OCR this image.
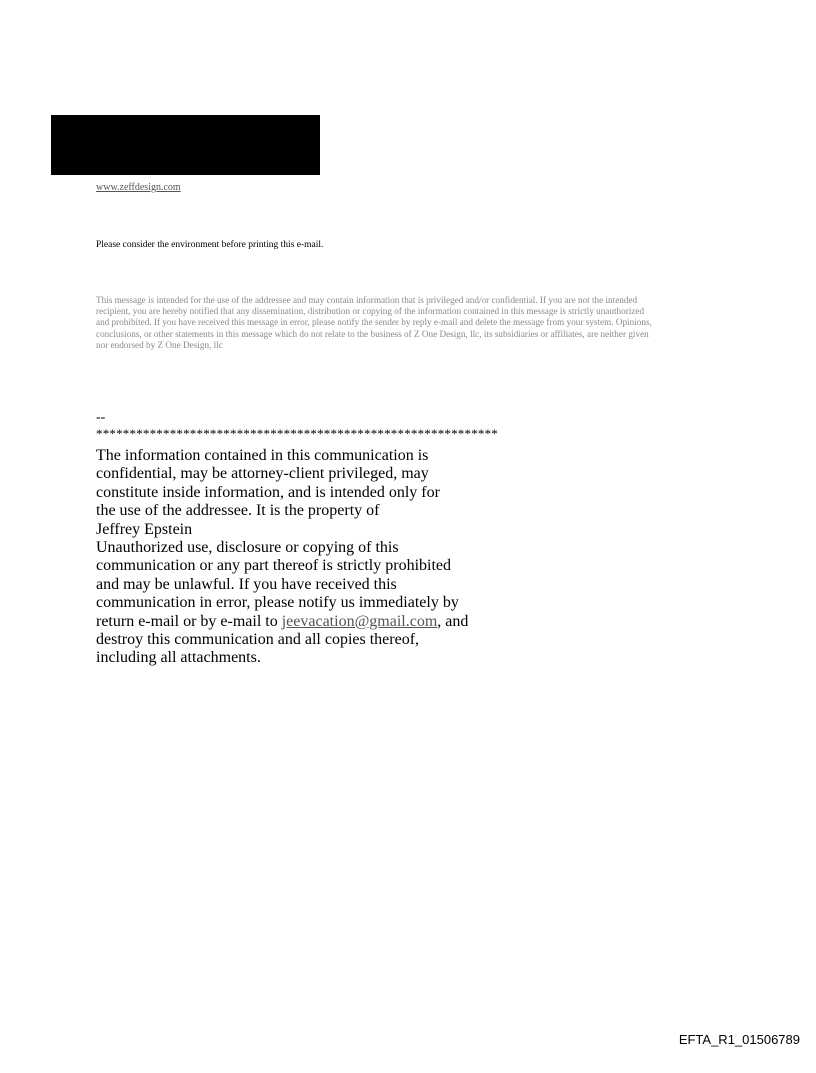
www.zeffdesign.com
Please consider the environment before printing this e-mail.
This message is intended for the use of the addressee and may contain information that is privileged and/or confidential. If you are not the intended
recipient, you are hereby notified that any dissemination, distribution or copying of the information contained in this message is strictly unauthorized
and prohibited. If you have received this message in error, please notify the sender by reply e-mail and delete the message from your system. Opinions,
conclusions, or other statements in this message which do not relate to the business of Z One Design, llc, its subsidiaries or affiliates, are neither given
nor endorsed by Z One Design, llc
--
************************************************************
The information contained in this communication is
confidential, may be attorney-client privileged, may
constitute inside information, and is intended only for
the use of the addressee. It is the property of
Jeffrey Epstein
Unauthorized use, disclosure or copying of this
communication or any part thereof is strictly prohibited
and may be unlawful. If you have received this
communication in error, please notify us immediately by
return e-mail or by e-mail to jeevacation@gmail.com, and
destroy this communication and all copies thereof,
including all attachments.
EFTA_R1_01506789
